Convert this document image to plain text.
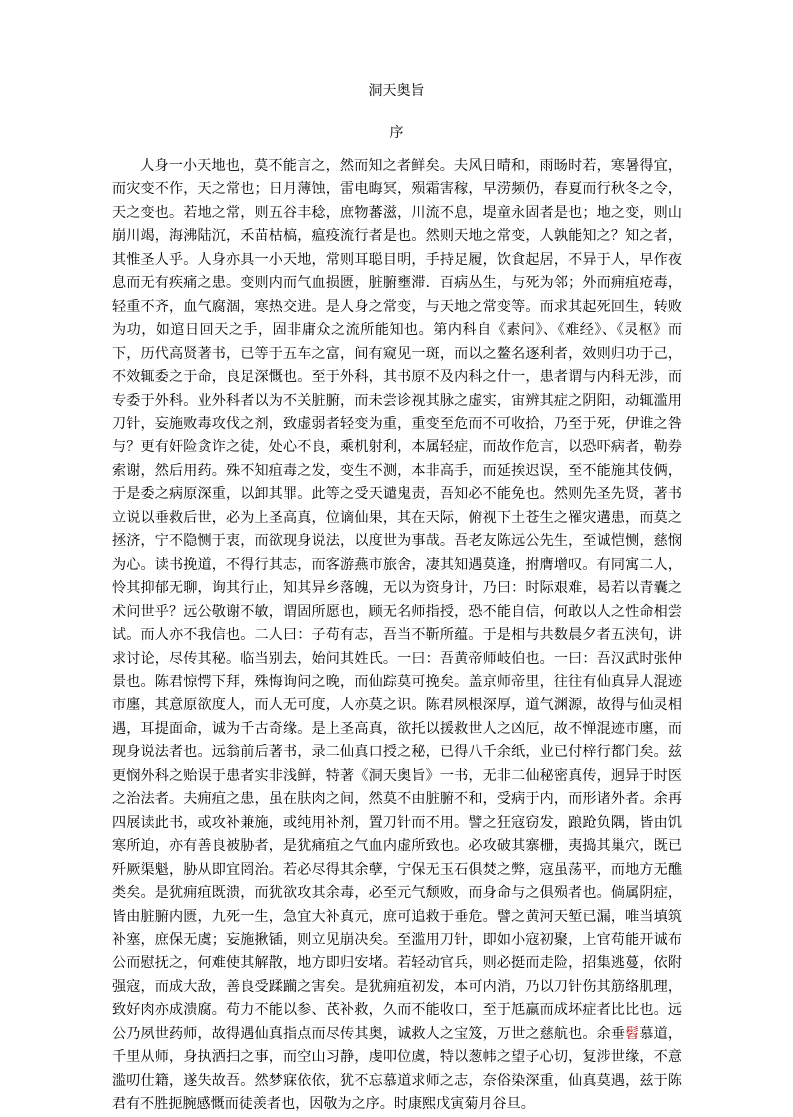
洞天奥旨
序

人身一小天地也，莫不能言之，然而知之者鲜矣。夫风日晴和，雨旸时若，寒暑得宜，而灾变不作，天之常也；日月薄蚀，雷电晦冥，殒霜害稼，早涝频仍，春夏而行秋冬之令，天之变也。若地之常，则五谷丰稔，庶物蕃滋，川流不息，堤童永固者是也；地之变，则山崩川竭，海沸陆沉，禾苗枯槁，瘟疫流行者是也。然则天地之常变，人孰能知之？知之者，其惟圣人乎。人身亦具一小天地，常则耳聪目明，手持足履，饮食起居，不异于人，早作夜息而无有疾痛之患。变则内而气血损匮，脏腑壅滞．百病丛生，与死为邻；外而痈疽疮毒，轻重不齐，血气腐涸，寒热交进。是人身之常变，与天地之常变等。而求其起死回生，转败为功，如逭日回天之手，固非庸众之流所能知也。第内科自《素问》、《难经》、《灵枢》而下，历代高贤著书，已等于五车之富，间有窥见一斑，而以之鳌名逐利者，效则归功于己，不效辄委之于命，良足深慨也。至于外科，其书原不及内科之什一，患者谓与内科无涉，而专委于外科。业外科者以为不关脏腑，而未尝诊视其脉之虚实，宙辨其症之阴阳，动辄滥用刀针，妄施败毒攻伐之剂，致虚弱者轻变为重，重变至危而不可收拾，乃至于死，伊谁之咎与？更有奸险贪诈之徒，处心不良，乘机射利，本属轻症，而故作危言，以恐吓病者，勒券索谢，然后用药。殊不知疽毒之发，变生不测，本非高手，而延挨迟误，至不能施其伎俩，于是委之病原深重，以卸其罪。此等之受天谴鬼责，吾知必不能免也。然则先圣先贤，著书立说以垂救后世，必为上圣高真，位谪仙果，其在天际，俯视下土苍生之罹灾遘患，而莫之拯济，宁不隐恻于衷，而欲现身说法，以度世为事哉。吾老友陈远公先生，至诚恺恻，慈悯为心。读书挽道，不得行其志，而客游燕市旅舍，凄其知遇莫逢，拊膺增叹。有同寓二人，怜其抑郁无聊，询其行止，知其异乡落魄，无以为资身计，乃曰：时际艰难，曷若以青囊之术问世乎？远公敬谢不敏，谓固所愿也，顾无名师指授，恐不能自信，何敢以人之性命相尝试。而人亦不我信也。二人曰：子苟有志，吾当不靳所蕴。于是相与共数晨夕者五浃旬，讲求讨论，尽传其秘。临当别去，始问其姓氏。一曰：吾黄帝师岐伯也。一曰：吾汉武时张仲景也。陈君惊愕下拜，殊悔询问之晚，而仙踪莫可挽矣。盖京师帝里，往往有仙真异人混迹市廛，其意原欲度人，而人无可度，人亦莫之识。陈君夙根深厚，道气渊源，故得与仙灵相遇，耳提面命，诚为千古奇缘。是上圣高真，欲托以援救世人之凶厄，故不惮混迹市廛，而现身说法者也。远翁前后著书，录二仙真口授之秘，已得八千余纸，业已付梓行都门矣。兹更悯外科之贻误于患者实非浅鲜，特著《洞天奥旨》一书，无非二仙秘密真传，迥异于时医之治法者。夫痈疽之患，虽在肤肉之间，然莫不由脏腑不和，受病于内，而形诸外者。余再四展读此书，或攻补兼施，或纯用补剂，置刀针而不用。譬之狂寇窃发，踉跄负隅，皆由饥寒所迫，亦有善良被胁者，是犹痛疽之气血内虚所致也。必攻破其寨栅，夷捣其巢穴，既已歼厥渠魁，胁从即宜罔治。若必尽得其余孽，宁保无玉石俱焚之弊，寇虽荡平，而地方无醮类矣。是犹痈疽既溃，而犹欲攻其余毒，必至元气颓败，而身命与之俱殒者也。倘属阴症，皆由脏腑内匮，九死一生，急宜大补真元，庶可追救于垂危。譬之黄河天堑已漏，唯当填筑补塞，庶保无虞；妄施揪锸，则立见崩决矣。至滥用刀针，即如小寇初聚，上官苟能开诚布公而慰抚之，何难使其解散，地方即归安堵。若轻动官兵，则必挺而走险，招集逃蔓，依附强寇，而成大敌，善良受蹂躏之害矣。是犹痈疽初发，本可内消，乃以刀针伤其筋络肌理，致好肉亦成溃腐。苟力不能以参、芪补救，久而不能收口，至于尪羸而成坏症者比比也。远公乃夙世药师，故得遇仙真指点而尽传其奥，诚救人之宝笈，万世之慈航也。余垂髫慕道，千里从师，身执洒扫之事，而空山习静，虔叩位虞，特以葱帏之望子心切，复涉世缘，不意滥叨仕籍，遂失故吾。然梦寐依依，犹不忘慕道求师之志，奈俗染深重，仙真莫遇，兹于陈君有不胜扼腕感慨而徒羡者也，因敬为之序。时康熙戊寅菊月谷旦。
